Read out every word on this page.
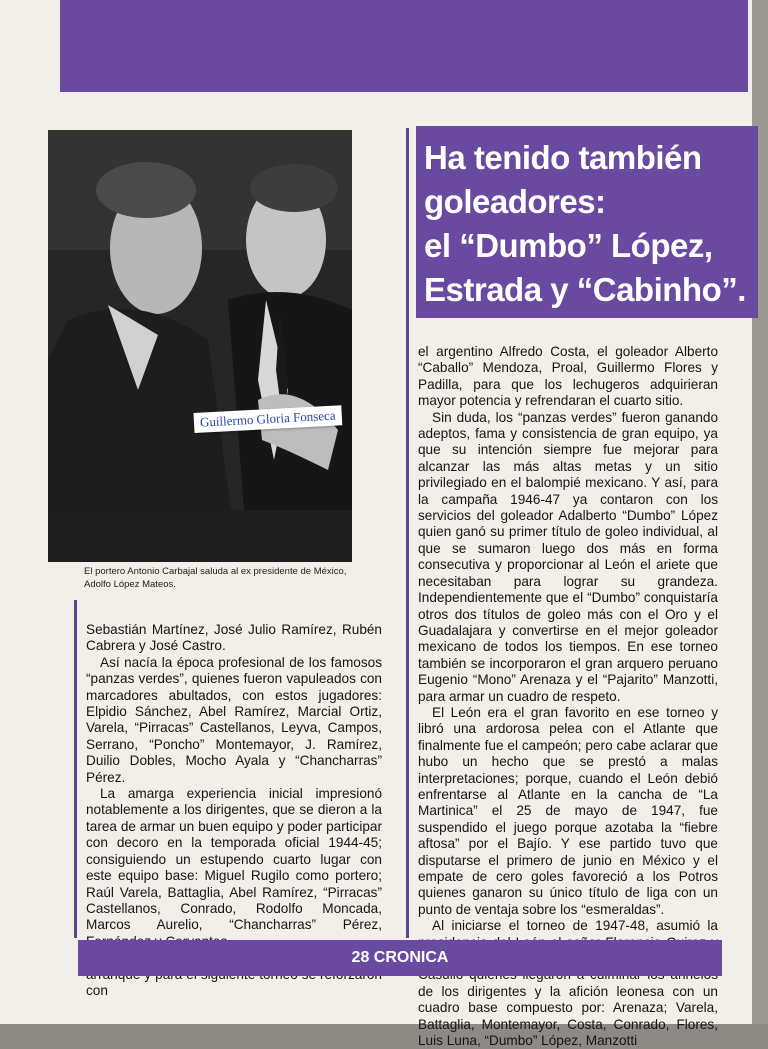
Guillermo Gloria Fonseca
El portero Antonio Carbajal saluda al ex presidente de México, Adolfo López Mateos.
Ha tenido también
goleadores:
el “Dumbo” López,
Estrada y “Cabinho”.

Sebastián Martínez, José Julio Ramírez, Rubén Cabrera y José Castro.

Así nacía la época profesional de los famosos “panzas verdes”, quienes fueron vapuleados con marcadores abultados, con estos jugadores: Elpidio Sánchez, Abel Ramírez, Marcial Ortiz, Varela, “Pirracas” Castellanos, Leyva, Campos, Serrano, “Poncho” Montemayor, J. Ramírez, Duilio Dobles, Mocho Ayala y “Chancharras” Pérez.

La amarga experiencia inicial impresionó notablemente a los dirigentes, que se dieron a la tarea de armar un buen equipo y poder participar con decoro en la temporada oficial 1944-45; consiguiendo un estupendo cuarto lugar con este equipo base: Miguel Rugilo como portero; Raúl Varela, Battaglia, Abel Ramírez, “Pirracas” Castellanos, Conrado, Rodolfo Moncada, Marcos Aurelio, “Chancharras” Pérez,

con

el argentino Alfredo Costa, el goleador Alberto “Caballo” Mendoza, Proal, Guillermo Flores y Padilla, para que los lechugeros adquirieran mayor potencia y refrendaran el cuarto sitio.

Sin duda, los “panzas verdes” fueron ganando adeptos, fama y consistencia de gran equipo, ya que su intención siempre fue mejorar para alcanzar las más altas metas y un sitio privilegiado en el balompié mexicano. Y así, para la campaña 1946-47 ya contaron con los servicios del goleador Adalberto “Dumbo” López quien ganó su primer título de goleo individual, al que se sumaron luego dos más en forma consecutiva y proporcionar al León el ariete que necesitaban para lograr su grandeza. Independientemente que el “Dumbo” conquistaría otros dos títulos de goleo más con el Oro y el Guadalajara y convertirse en el mejor goleador mexicano de todos los tiempos. En ese torneo también se incorporaron el gran arquero peruano Eugenio “Mono” Arenaza y el “Pajarito” Manzotti, para armar un cuadro de respeto.

El León era el gran favorito en ese torneo y libró una ardorosa pelea con el Atlante que finalmente fue el campeón; pero cabe aclarar que hubo un hecho que se prestó a malas interpretaciones; porque, cuando el León debió enfrentarse al Atlante en la cancha de “La Martinica” el 25 de mayo de 1947, fue suspendido el juego porque azotaba la “fiebre aftosa” por el Bajío. Y ese partido tuvo que disputarse el primero de junio en México y el empate de cero goles favoreció a los Potros quienes ganaron su único título de liga con un punto de ventaja sobre los “esmeraldas”.

Al iniciarse el torneo de 1947-48, asumió la de los dirigentes y la afición leonesa con un cuadro base compuesto por: Arenaza; Varela, Battaglia, Montemayor, Costa, Conrado, Flores, Luis Luna, “Dumbo” López, Manzotti

28 CRONICA
